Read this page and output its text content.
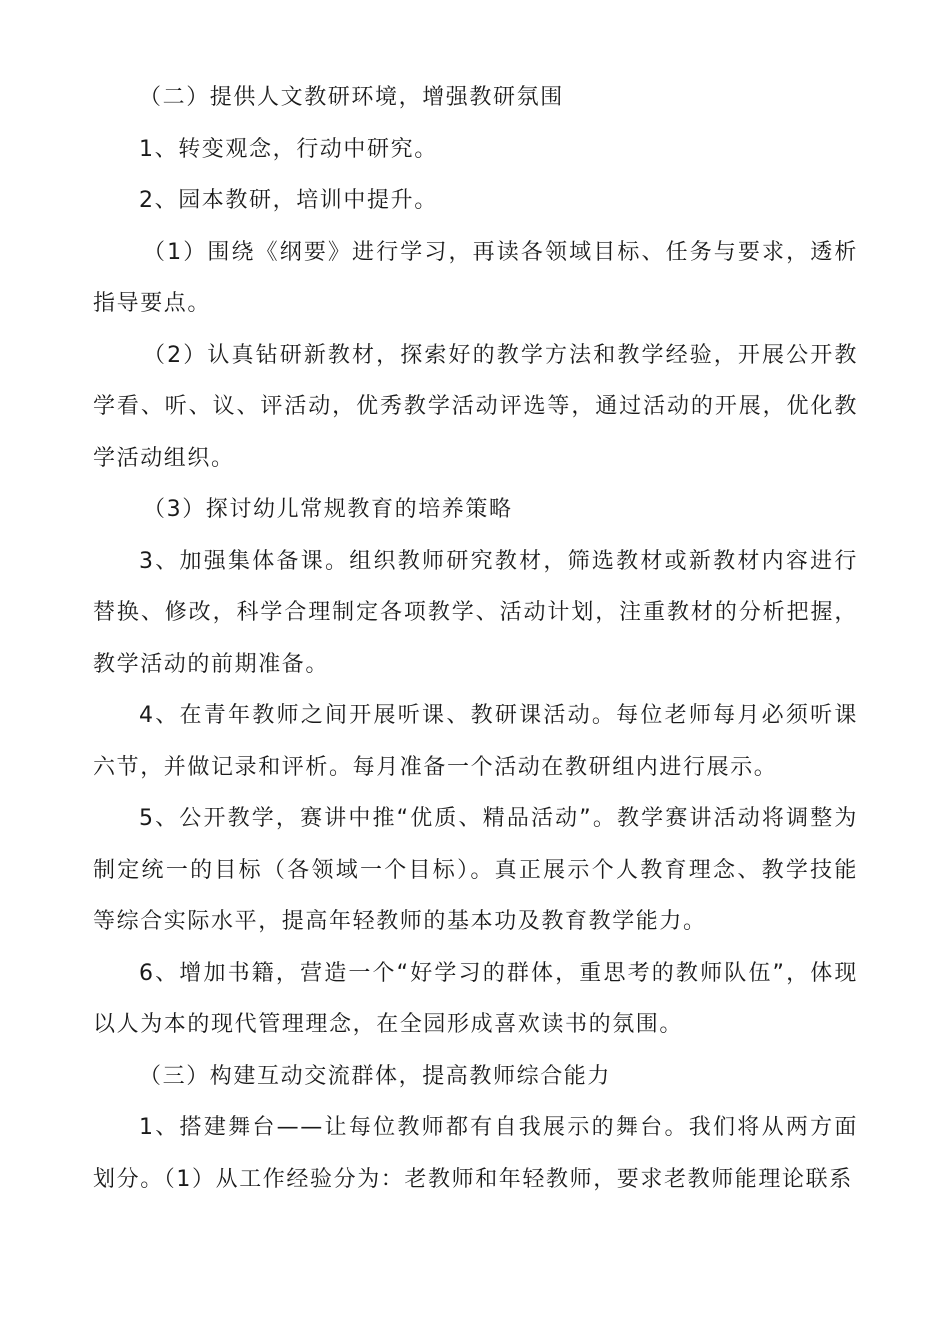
（二）提供人文教研环境，增强教研氛围

1、转变观念，行动中研究。

2、园本教研，培训中提升。

（1）围绕《纲要》进行学习，再读各领域目标、任务与要求，透析指导要点。

（2）认真钻研新教材，探索好的教学方法和教学经验，开展公开教学看、听、议、评活动，优秀教学活动评选等，通过活动的开展，优化教学活动组织。

（3）探讨幼儿常规教育的培养策略

3、加强集体备课。组织教师研究教材，筛选教材或新教材内容进行替换、修改，科学合理制定各项教学、活动计划，注重教材的分析把握，教学活动的前期准备。

4、在青年教师之间开展听课、教研课活动。每位老师每月必须听课六节，并做记录和评析。每月准备一个活动在教研组内进行展示。

5、公开教学，赛讲中推“优质、精品活动”。教学赛讲活动将调整为制定统一的目标（各领域一个目标）。真正展示个人教育理念、教学技能等综合实际水平，提高年轻教师的基本功及教育教学能力。

6、增加书籍，营造一个“好学习的群体，重思考的教师队伍”，体现以人为本的现代管理理念，在全园形成喜欢读书的氛围。

（三）构建互动交流群体，提高教师综合能力

1、搭建舞台——让每位教师都有自我展示的舞台。我们将从两方面划分。（1）从工作经验分为：老教师和年轻教师，要求老教师能理论联系
